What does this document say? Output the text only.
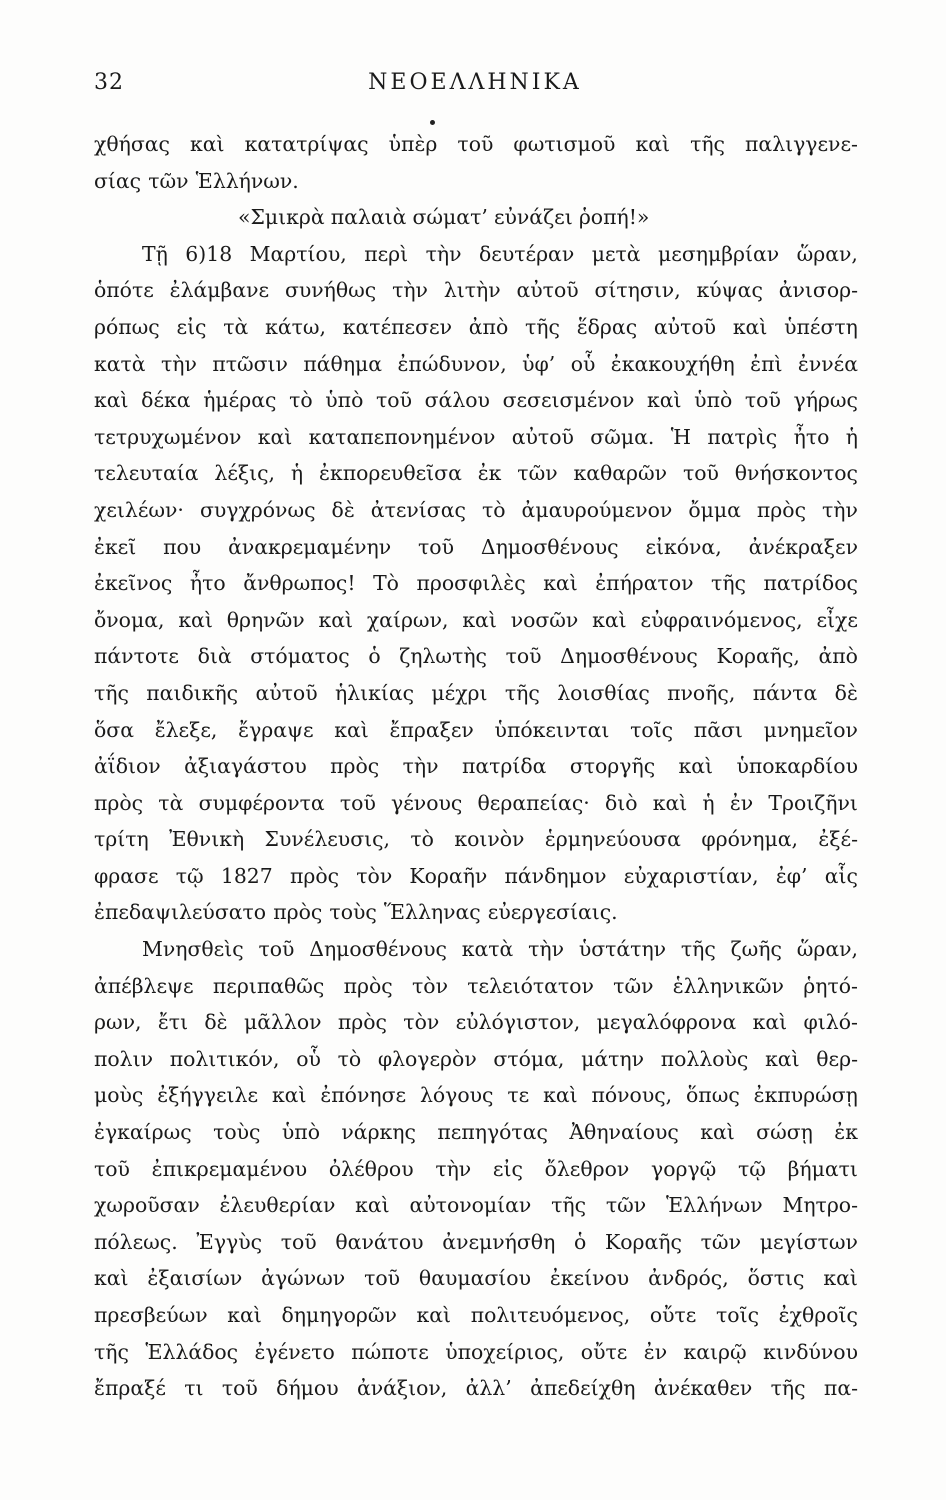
32	ΝΕΟΕΛΛΗΝΙΚΑ
χθήσας καὶ κατατρίψας ὑπὲρ τοῦ φωτισμοῦ καὶ τῆς παλιγγενε-
σίας τῶν Ἑλλήνων.
«Σμικρὰ παλαιὰ σώματ’ εὐνάζει ῥοπή!»
Τῇ 6)18 Μαρτίου, περὶ τὴν δευτέραν μετὰ μεσημβρίαν ὥραν,
ὁπότε ἐλάμβανε συνήθως τὴν λιτὴν αὐτοῦ σίτησιν, κύψας ἀνισορ-
ρόπως εἰς τὰ κάτω, κατέπεσεν ἀπὸ τῆς ἕδρας αὐτοῦ καὶ ὑπέστη
κατὰ τὴν πτῶσιν πάθημα ἐπώδυνον, ὑφ’ οὗ ἐκακουχήθη ἐπὶ ἐννέα
καὶ δέκα ἡμέρας τὸ ὑπὸ τοῦ σάλου σεσεισμένον καὶ ὑπὸ τοῦ γήρως
τετρυχωμένον καὶ καταπεπονημένον αὐτοῦ σῶμα. Ἡ πατρὶς ἦτο ἡ
τελευταία λέξις, ἡ ἐκπορευθεῖσα ἐκ τῶν καθαρῶν τοῦ θνήσκοντος
χειλέων· συγχρόνως δὲ ἀτενίσας τὸ ἀμαυρούμενον ὄμμα πρὸς τὴν
ἐκεῖ που ἀνακρεμαμένην τοῦ Δημοσθένους εἰκόνα, ἀνέκραξεν
ἐκεῖνος ἦτο ἄνθρωπος! Τὸ προσφιλὲς καὶ ἐπήρατον τῆς πατρίδος
ὄνομα, καὶ θρηνῶν καὶ χαίρων, καὶ νοσῶν καὶ εὐφραινόμενος, εἶχε
πάντοτε διὰ στόματος ὁ ζηλωτὴς τοῦ Δημοσθένους Κοραῆς, ἀπὸ
τῆς παιδικῆς αὐτοῦ ἡλικίας μέχρι τῆς λοισθίας πνοῆς, πάντα δὲ
ὅσα ἔλεξε, ἔγραψε καὶ ἔπραξεν ὑπόκεινται τοῖς πᾶσι μνημεῖον
ἀΐδιον ἀξιαγάστου πρὸς τὴν πατρίδα στοργῆς καὶ ὑποκαρδίου
πρὸς τὰ συμφέροντα τοῦ γένους θεραπείας· διὸ καὶ ἡ ἐν Τροιζῆνι
τρίτη Ἐθνικὴ Συνέλευσις, τὸ κοινὸν ἑρμηνεύουσα φρόνημα, ἐξέ-
φρασε τῷ 1827 πρὸς τὸν Κοραῆν πάνδημον εὐχαριστίαν, ἐφ’ αἷς
ἐπεδαψιλεύσατο πρὸς τοὺς Ἕλληνας εὐεργεσίαις.
Μνησθεὶς τοῦ Δημοσθένους κατὰ τὴν ὑστάτην τῆς ζωῆς ὥραν,
ἀπέβλεψε περιπαθῶς πρὸς τὸν τελειότατον τῶν ἑλληνικῶν ῥητό-
ρων, ἔτι δὲ μᾶλλον πρὸς τὸν εὐλόγιστον, μεγαλόφρονα καὶ φιλό-
πολιν πολιτικόν, οὗ τὸ φλογερὸν στόμα, μάτην πολλοὺς καὶ θερ-
μοὺς ἐξήγγειλε καὶ ἐπόνησε λόγους τε καὶ πόνους, ὅπως ἐκπυρώσῃ
ἐγκαίρως τοὺς ὑπὸ νάρκης πεπηγότας Ἀθηναίους καὶ σώσῃ ἐκ
τοῦ ἐπικρεμαμένου ὀλέθρου τὴν εἰς ὄλεθρον γοργῷ τῷ βήματι
χωροῦσαν ἐλευθερίαν καὶ αὐτονομίαν τῆς τῶν Ἑλλήνων Μητρο-
πόλεως. Ἐγγὺς τοῦ θανάτου ἀνεμνήσθη ὁ Κοραῆς τῶν μεγίστων
καὶ ἐξαισίων ἀγώνων τοῦ θαυμασίου ἐκείνου ἀνδρός, ὅστις καὶ
πρεσβεύων καὶ δημηγορῶν καὶ πολιτευόμενος, οὔτε τοῖς ἐχθροῖς
τῆς Ἑλλάδος ἐγένετο πώποτε ὑποχείριος, οὔτε ἐν καιρῷ κινδύνου
ἔπραξέ τι τοῦ δήμου ἀνάξιον, ἀλλ’ ἀπεδείχθη ἀνέκαθεν τῆς πα-
